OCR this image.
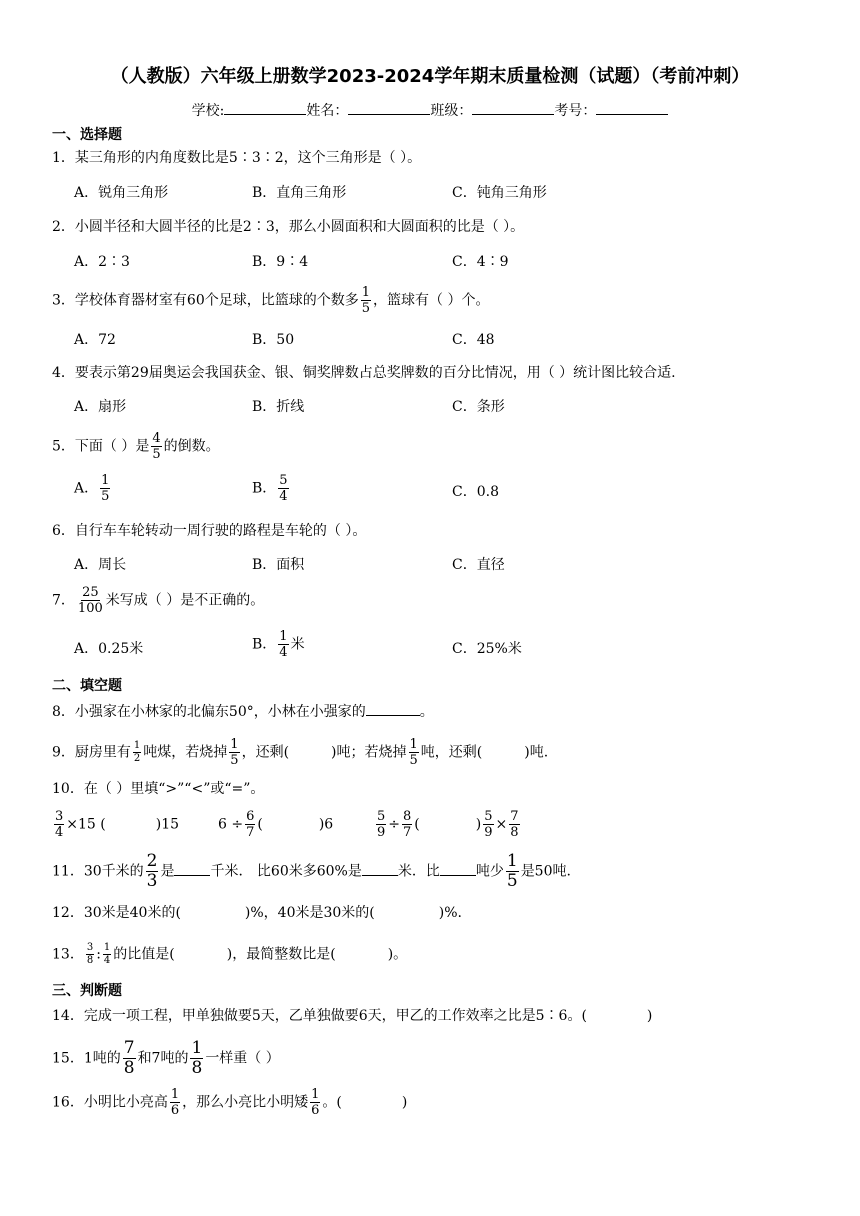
（人教版）六年级上册数学2023-2024学年期末质量检测（试题）（考前冲刺）
学校:	姓名：	班级：	考号：
一、选择题
1．某三角形的内角度数比是5∶3∶2，这个三角形是（ ）。
A．锐角三角形	B．直角三角形	C．钝角三角形
2．小圆半径和大圆半径的比是2∶3，那么小圆面积和大圆面积的比是（ ）。
A．2∶3	B．9∶4	C．4∶9
3．学校体育器材室有60个足球，比篮球的个数多 $\frac{1}{5}$ ，篮球有（ ）个。
A．72	B．50	C．48
4．要表示第29届奥运会我国获金、银、铜奖牌数占总奖牌数的百分比情况，用（ ）统计图比较合适.
A．扇形	B．折线	C．条形
5．下面（ ）是 $\frac{4}{5}$ 的倒数。
A． $\frac{1}{5}$	B． $\frac{5}{4}$	C．0.8
6．自行车车轮转动一周行驶的路程是车轮的（ ）。
A．周长	B．面积	C．直径
7． $\frac{25}{100}$ 米写成（ ）是不正确的。
A．0.25米	B． $\frac{1}{4}$ 米	C．25%米
二、填空题
8．小强家在小林家的北偏东50°，小林在小强家的	。
9．厨房里有 $\frac{1}{2}$ 吨煤，若烧掉 $\frac{1}{5}$ ，还剩(	)吨；若烧掉 $\frac{1}{5}$ 吨，还剩(	)吨.
10．在（ ）里填“>”“<”或“=”。
$\frac{3}{4} \times 15$ (	)15	$6 \div \frac{6}{7}$ (	)6	$\frac{5}{9} \div \frac{8}{7}$ (	) $\frac{5}{9} \times \frac{7}{8}$
11．30千米的 $\frac{2}{3}$ 是	千米． 比60米多60%是	米．比	吨少 $\frac{1}{5}$ 是50吨.
12．30米是40米的(	)%，40米是30米的(	)%.
13． $\frac{3}{8}$ : $\frac{1}{4}$ 的比值是(	)，最简整数比是(	)。
三、判断题
14．完成一项工程，甲单独做要5天，乙单独做要6天，甲乙的工作效率之比是5∶6。(	)
15．1吨的 $\frac{7}{8}$ 和7吨的 $\frac{1}{8}$ 一样重（ ）
16．小明比小亮高 $\frac{1}{6}$ ，那么小亮比小明矮 $\frac{1}{6}$ 。(	)
